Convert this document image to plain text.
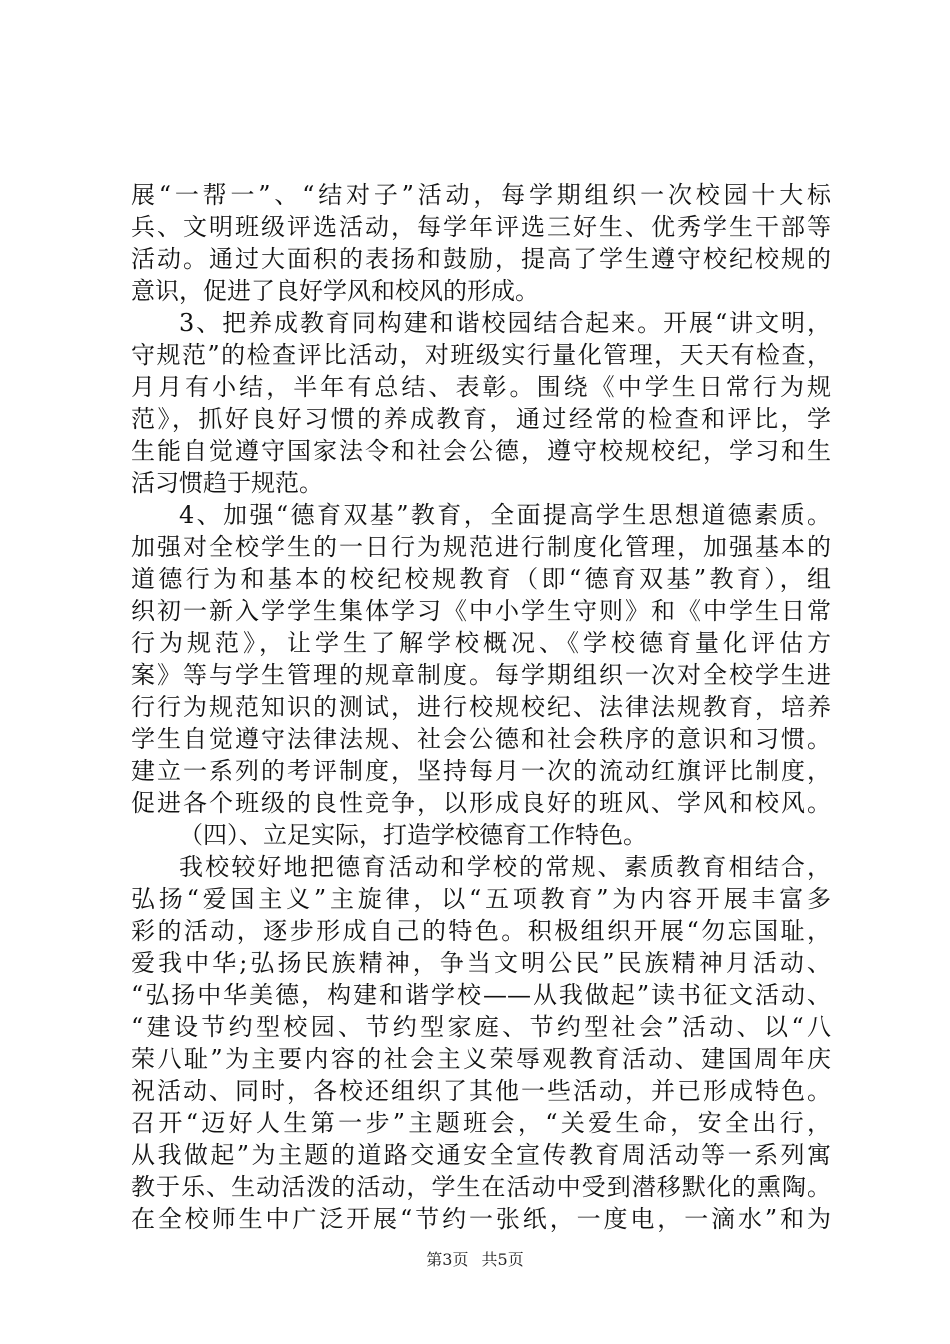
展“一帮一”、“结对子”活动，每学期组织一次校园十大标
兵、文明班级评选活动，每学年评选三好生、优秀学生干部等
活动。通过大面积的表扬和鼓励，提高了学生遵守校纪校规的
意识，促进了良好学风和校风的形成。
3、把养成教育同构建和谐校园结合起来。开展“讲文明，
守规范”的检查评比活动，对班级实行量化管理，天天有检查，
月月有小结，半年有总结、表彰。围绕《中学生日常行为规
范》，抓好良好习惯的养成教育，通过经常的检查和评比，学
生能自觉遵守国家法令和社会公德，遵守校规校纪，学习和生
活习惯趋于规范。
4、加强“德育双基”教育，全面提高学生思想道德素质。
加强对全校学生的一日行为规范进行制度化管理，加强基本的
道德行为和基本的校纪校规教育（即“德育双基”教育），组
织初一新入学学生集体学习《中小学生守则》和《中学生日常
行为规范》，让学生了解学校概况、《学校德育量化评估方
案》等与学生管理的规章制度。每学期组织一次对全校学生进
行行为规范知识的测试，进行校规校纪、法律法规教育，培养
学生自觉遵守法律法规、社会公德和社会秩序的意识和习惯。
建立一系列的考评制度，坚持每月一次的流动红旗评比制度，
促进各个班级的良性竞争，以形成良好的班风、学风和校风。
（四）、立足实际，打造学校德育工作特色。
我校较好地把德育活动和学校的常规、素质教育相结合，
弘扬“爱国主义”主旋律，以“五项教育”为内容开展丰富多
彩的活动，逐步形成自己的特色。积极组织开展“勿忘国耻，
爱我中华;弘扬民族精神，争当文明公民”民族精神月活动、
“弘扬中华美德，构建和谐学校——从我做起”读书征文活动、
“建设节约型校园、节约型家庭、节约型社会”活动、以“八
荣八耻”为主要内容的社会主义荣辱观教育活动、建国周年庆
祝活动、同时，各校还组织了其他一些活动，并已形成特色。
召开“迈好人生第一步”主题班会，“关爱生命，安全出行，
从我做起”为主题的道路交通安全宣传教育周活动等一系列寓
教于乐、生动活泼的活动，学生在活动中受到潜移默化的熏陶。
在全校师生中广泛开展“节约一张纸，一度电，一滴水”和为
第3页 共5页
